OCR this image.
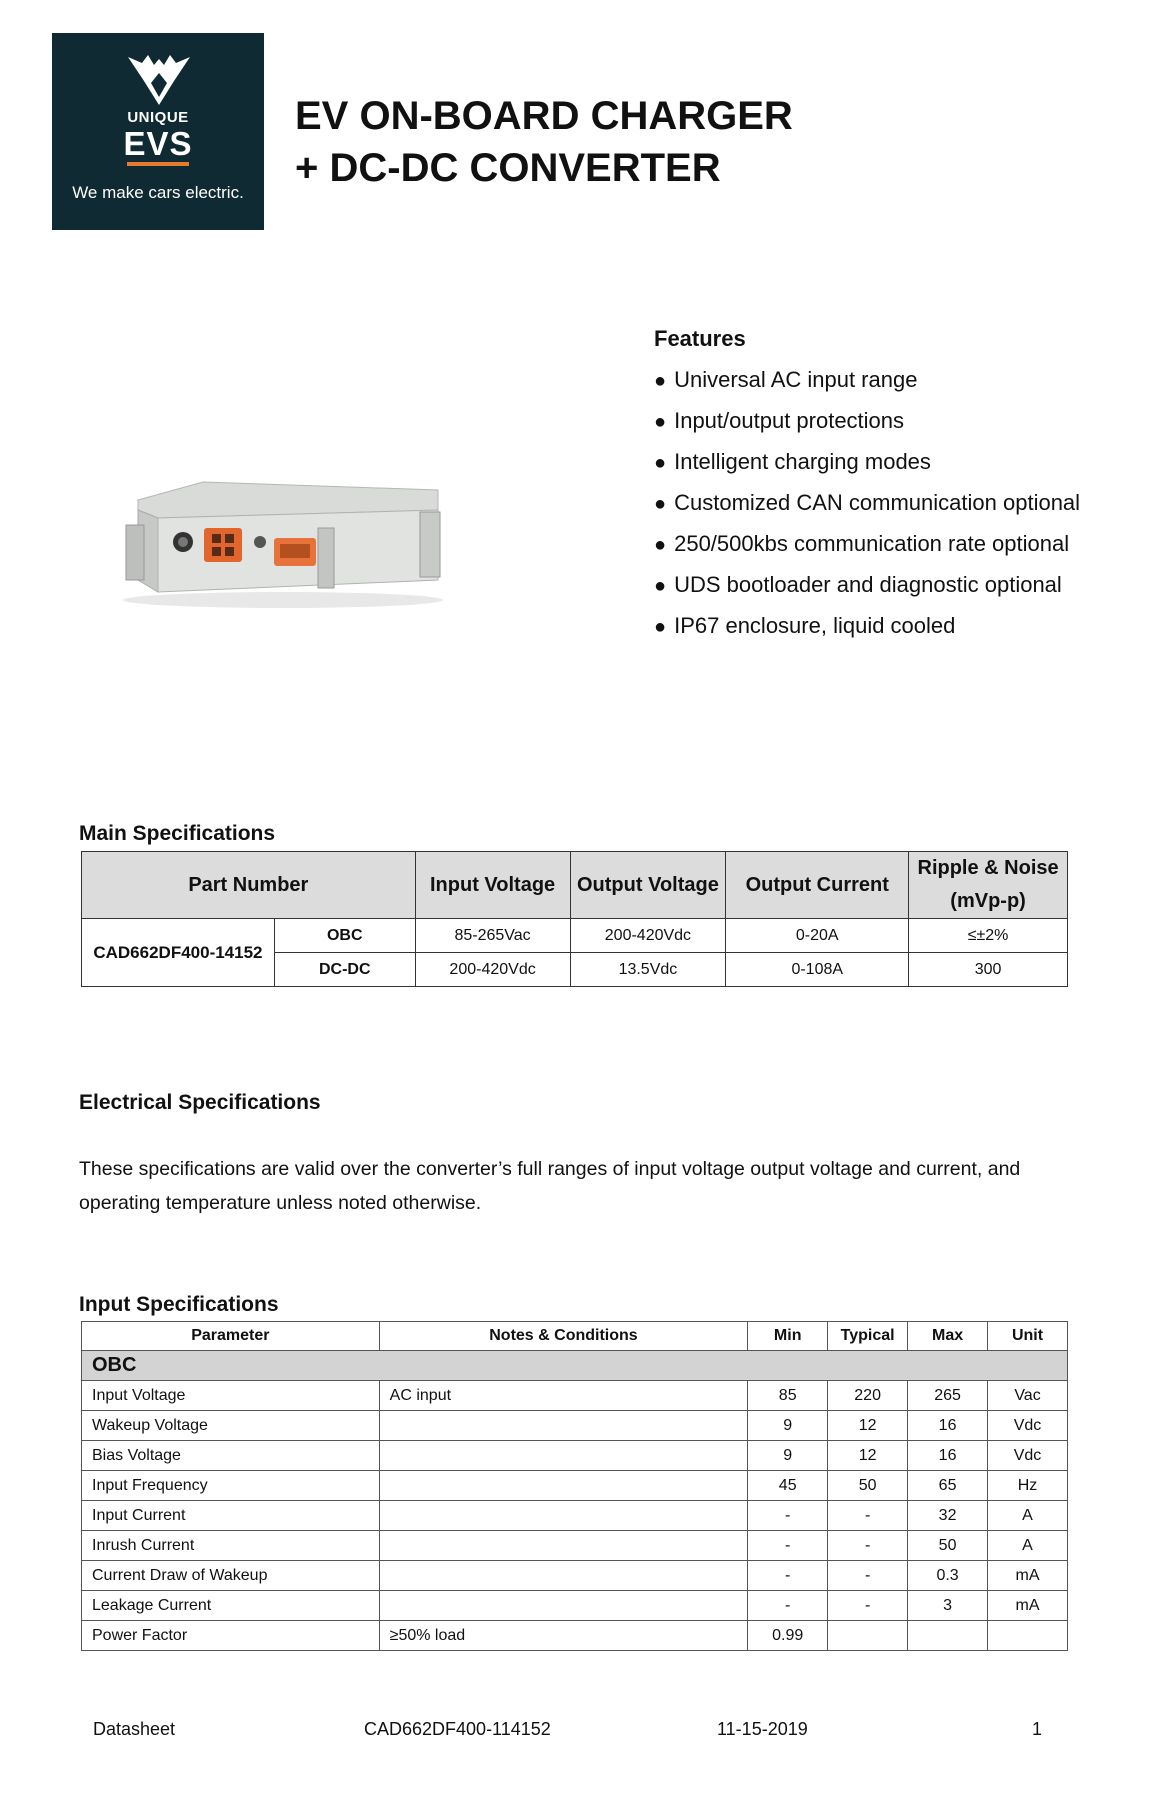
UNIQUE
EVS
We make cars electric.
EV ON-BOARD CHARGER
+ DC-DC CONVERTER
Features
● Universal AC input range
● Input/output protections
● Intelligent charging modes
● Customized CAN communication optional
● 250/500kbs communication rate optional
● UDS bootloader and diagnostic optional
● IP67 enclosure, liquid cooled
Main Specifications
Part Number		Input Voltage	Output Voltage	Output Current	Ripple & Noise
(mVp-p)

CAD662DF400-14152	OBC	85-265Vac	200-420Vdc	0-20A	≤±2%
	DC-DC	200-420Vdc	13.5Vdc	0-108A	300
Electrical Specifications
These specifications are valid over the converter’s full ranges of input voltage output voltage and current, and
operating temperature unless noted otherwise.
Input Specifications
Parameter	Notes & Conditions	Min	Typical	Max	Unit
OBC					
Input Voltage	AC input	85	220	265	Vac
Wakeup Voltage		9	12	16	Vdc
Bias Voltage		9	12	16	Vdc
Input Frequency		45	50	65	Hz
Input Current		-	-	32	A
Inrush Current		-	-	50	A
Current Draw of Wakeup		-	-	0.3	mA
Leakage Current		-	-	3	mA
Power Factor	≥50% load	0.99			
Datasheet	CAD662DF400-114152	11-15-2019	1
